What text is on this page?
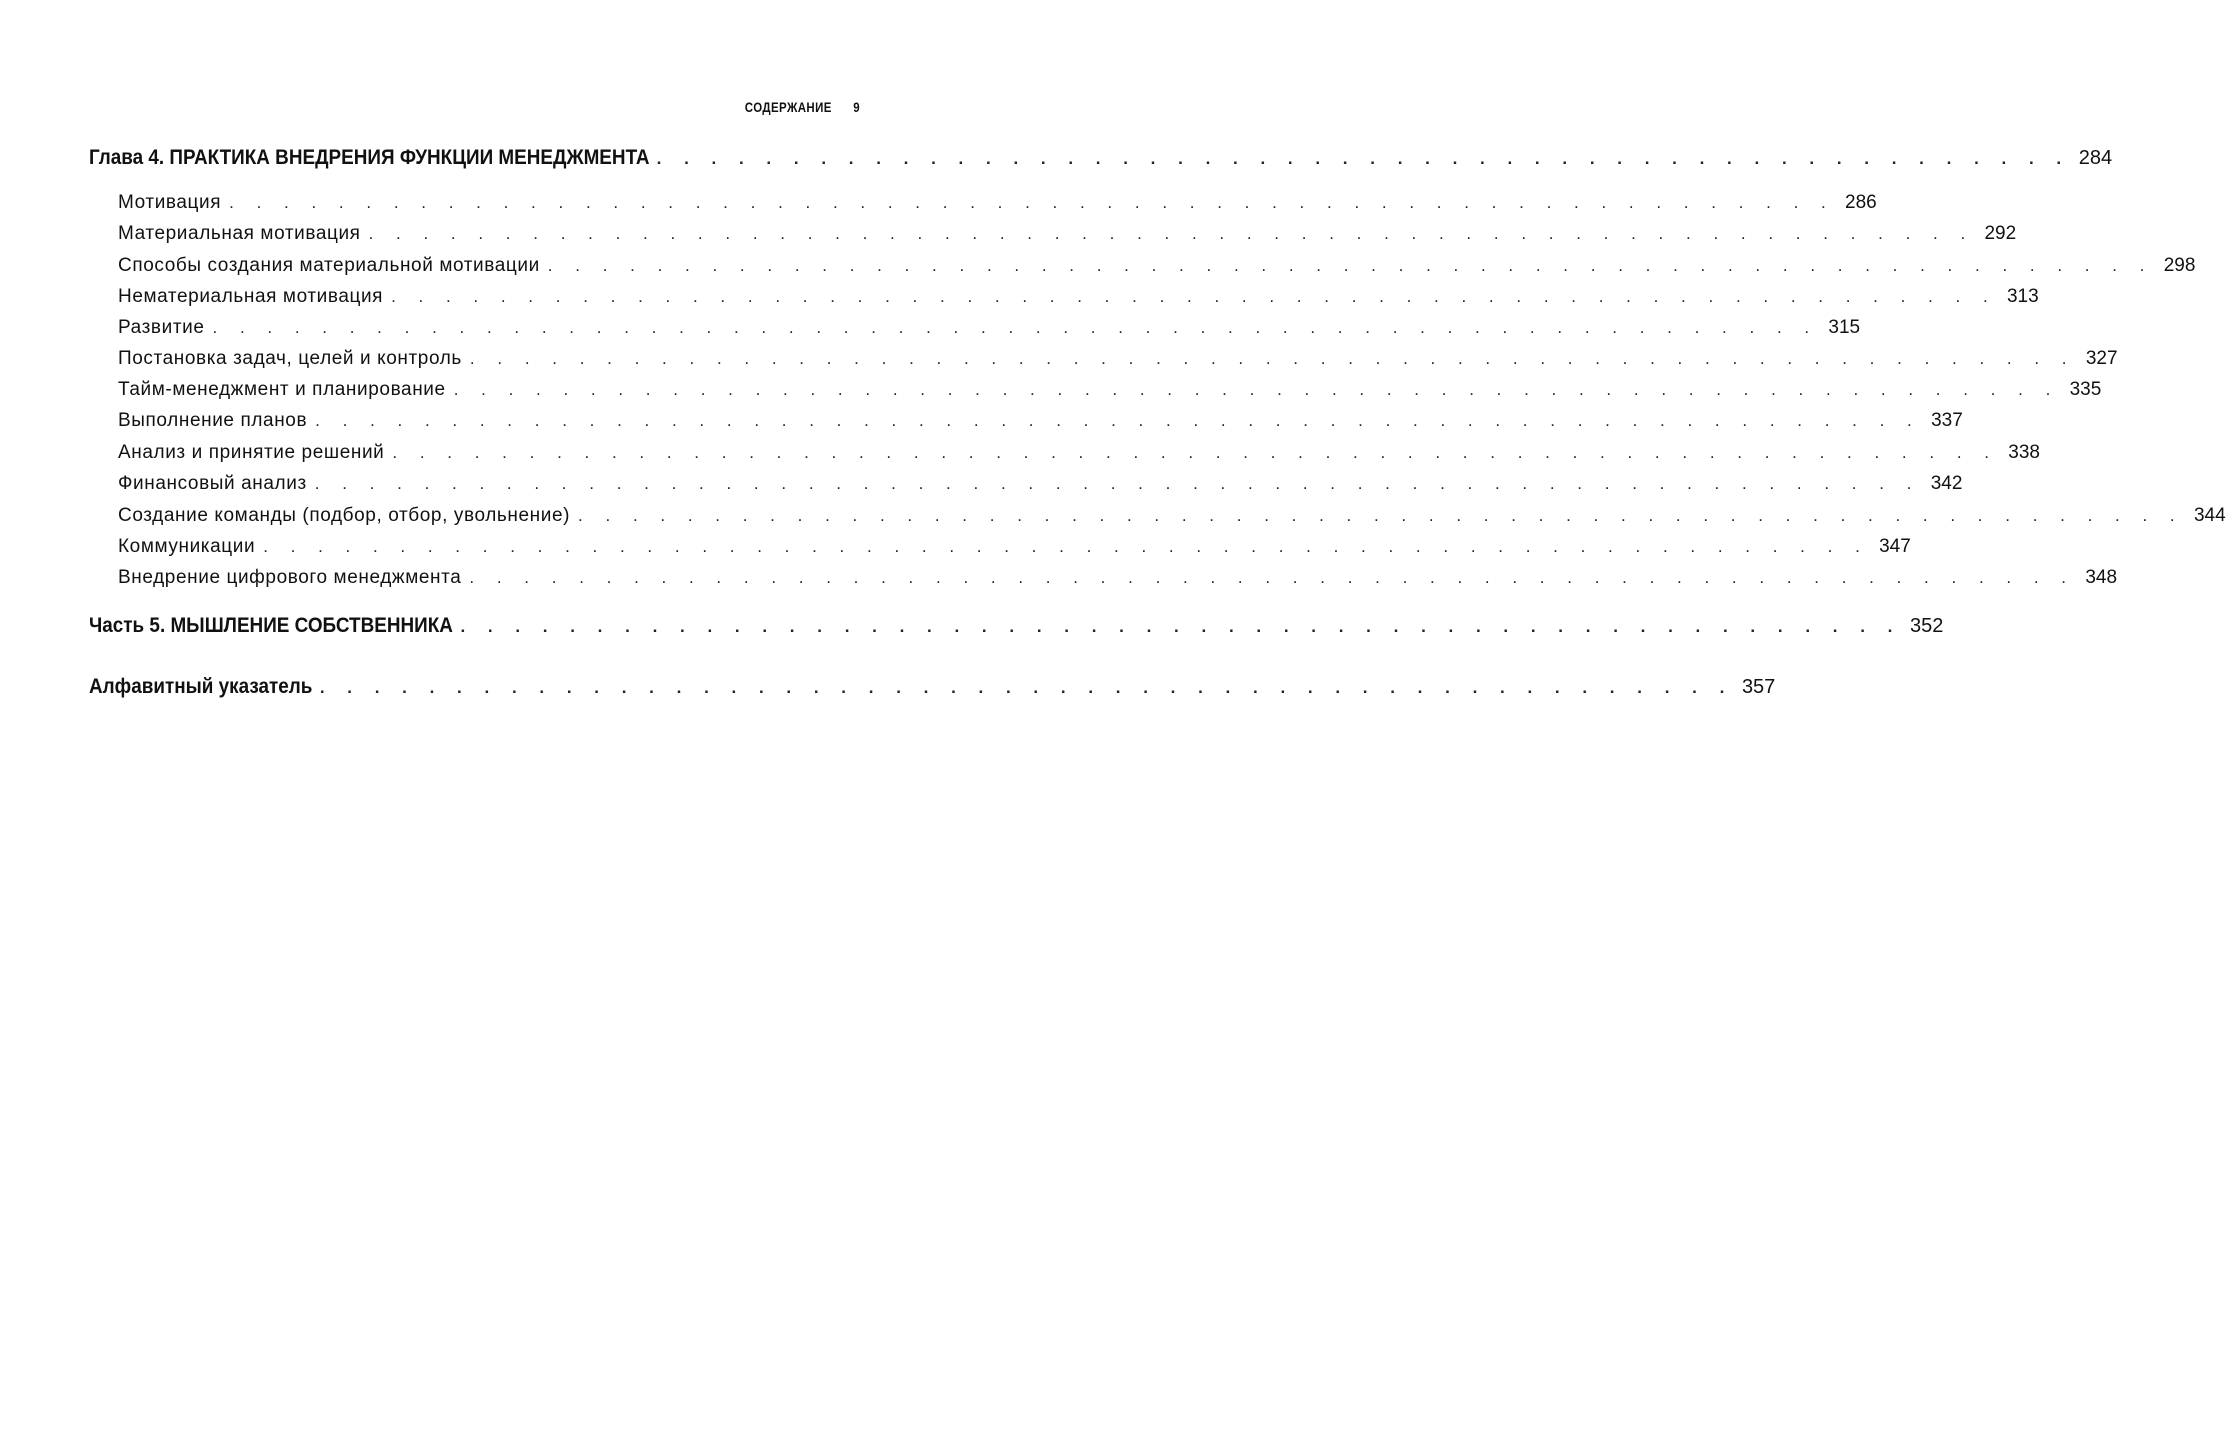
СОДЕРЖАНИЕ 9
Глава 4. ПРАКТИКА ВНЕДРЕНИЯ ФУНКЦИИ МЕНЕДЖМЕНТА . . . . . . . . . . . . . . . . . . . . . . . . . . . . . . . . . . . . . . . . . . . . . . . . . . . . 284
Мотивация . . . . . . . . . . . . . . . . . . . . . . . . . . . . . . . . . . . . . . . . . . . . . . . . . . . . . . . . . . . 286
Материальная мотивация . . . . . . . . . . . . . . . . . . . . . . . . . . . . . . . . . . . . . . . . . . . . . . . . . . . . . . . . . . . 292
Способы создания материальной мотивации . . . . . . . . . . . . . . . . . . . . . . . . . . . . . . . . . . . . . . . . . . . . . . . . . . . . . . . . . . . 298
Нематериальная мотивация . . . . . . . . . . . . . . . . . . . . . . . . . . . . . . . . . . . . . . . . . . . . . . . . . . . . . . . . . . . 313
Развитие . . . . . . . . . . . . . . . . . . . . . . . . . . . . . . . . . . . . . . . . . . . . . . . . . . . . . . . . . . . 315
Постановка задач, целей и контроль . . . . . . . . . . . . . . . . . . . . . . . . . . . . . . . . . . . . . . . . . . . . . . . . . . . . . . . . . . . 327
Тайм-менеджмент и планирование . . . . . . . . . . . . . . . . . . . . . . . . . . . . . . . . . . . . . . . . . . . . . . . . . . . . . . . . . . . 335
Выполнение планов . . . . . . . . . . . . . . . . . . . . . . . . . . . . . . . . . . . . . . . . . . . . . . . . . . . . . . . . . . . 337
Анализ и принятие решений . . . . . . . . . . . . . . . . . . . . . . . . . . . . . . . . . . . . . . . . . . . . . . . . . . . . . . . . . . . 338
Финансовый анализ . . . . . . . . . . . . . . . . . . . . . . . . . . . . . . . . . . . . . . . . . . . . . . . . . . . . . . . . . . . 342
Создание команды (подбор, отбор, увольнение) . . . . . . . . . . . . . . . . . . . . . . . . . . . . . . . . . . . . . . . . . . . . . . . . . . . . . . . . . . . 344
Коммуникации . . . . . . . . . . . . . . . . . . . . . . . . . . . . . . . . . . . . . . . . . . . . . . . . . . . . . . . . . . . 347
Внедрение цифрового менеджмента . . . . . . . . . . . . . . . . . . . . . . . . . . . . . . . . . . . . . . . . . . . . . . . . . . . . . . . . . . . 348
Часть 5. МЫШЛЕНИЕ СОБСТВЕННИКА . . . . . . . . . . . . . . . . . . . . . . . . . . . . . . . . . . . . . . . . . . . . . . . . . . . . . 352
Алфавитный указатель . . . . . . . . . . . . . . . . . . . . . . . . . . . . . . . . . . . . . . . . . . . . . . . . . . . . 357
